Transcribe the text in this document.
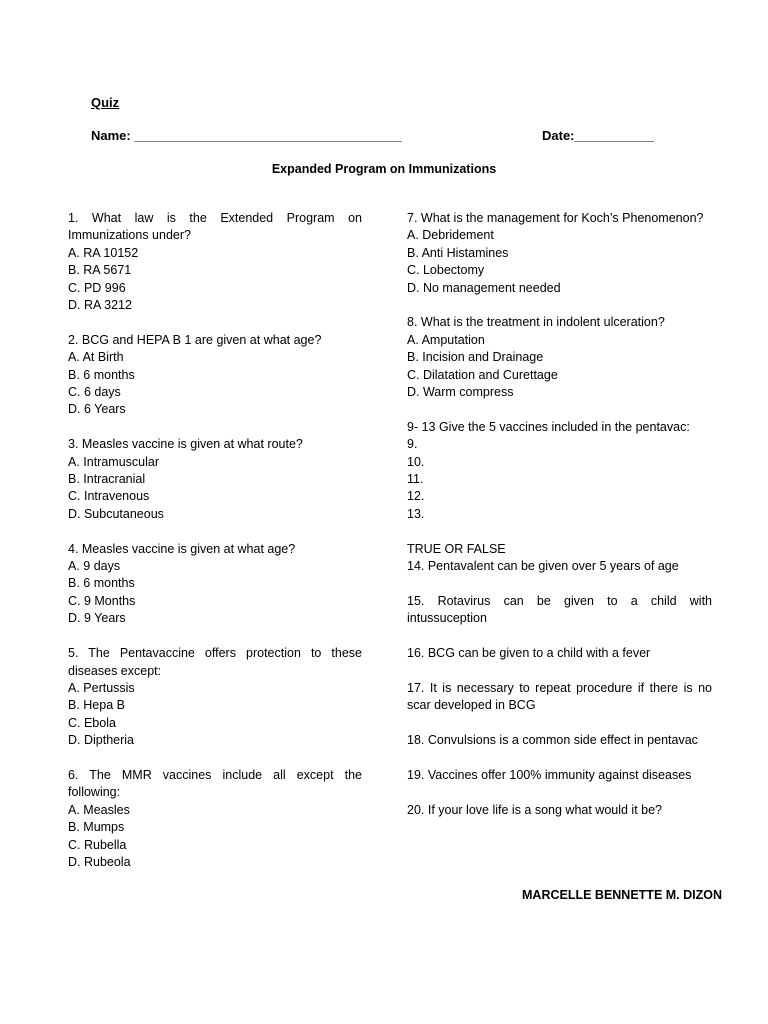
Quiz
Name: _____________________________________	Date:___________
Expanded Program on Immunizations
1. What law is the Extended Program on Immunizations under?
A. RA 10152
B. RA 5671
C. PD 996
D. RA 3212
2. BCG and HEPA B 1 are given at what age?
A. At Birth
B. 6 months
C. 6 days
D. 6 Years
3. Measles vaccine is given at what route?
A. Intramuscular
B. Intracranial
C. Intravenous
D. Subcutaneous
4. Measles vaccine is given at what age?
A. 9 days
B. 6 months
C. 9 Months
D. 9 Years
5. The Pentavaccine offers protection to these diseases except:
A. Pertussis
B. Hepa B
C. Ebola
D. Diptheria
6. The MMR vaccines include all except the following:
A. Measles
B. Mumps
C. Rubella
D. Rubeola
7. What is the management for Koch’s Phenomenon?
A. Debridement
B. Anti Histamines
C. Lobectomy
D. No management needed
8. What is the treatment in indolent ulceration?
A. Amputation
B. Incision and Drainage
C. Dilatation and Curettage
D. Warm compress
9- 13 Give the 5 vaccines included in the pentavac:
9.
10.
11.
12.
13.
TRUE OR FALSE
14. Pentavalent can be given over 5 years of age
15. Rotavirus can be given to a child with intussuception
16. BCG can be given to a child with a fever
17. It is necessary to repeat procedure if there is no scar developed in BCG
18. Convulsions is a common side effect in pentavac
19. Vaccines offer 100% immunity against diseases
20. If your love life is a song what would it be?
MARCELLE BENNETTE M. DIZON
